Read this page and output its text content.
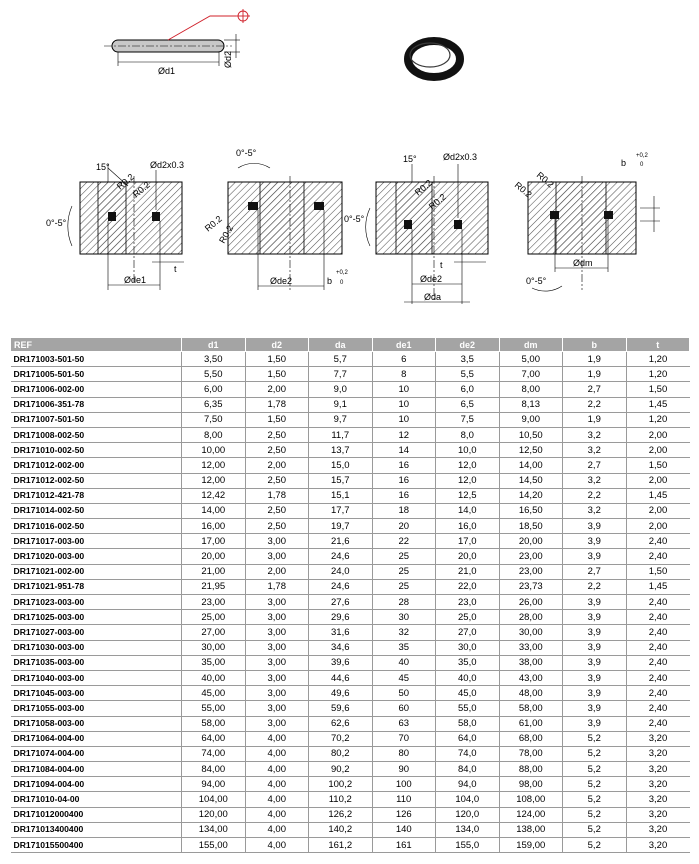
Ød1
Ød2
15°
R0.2
R0.2
Ød2x0.3
0°-5°
Øde1
t
0°-5°
R0.2
R0.2
Øde2	b
+0,2
0
15°
R0.2
R0.2
Ød2x0.3
0°-5°
t
Øde2
Øda
R0.2
R0.2
b
+0,2
0
Ødm
0°-5°
REF	d1	d2	da	de1	de2	dm	b	t
DR171003-501-50	3,50	1,50	5,7	6	3,5	5,00	1,9	1,20
DR171005-501-50	5,50	1,50	7,7	8	5,5	7,00	1,9	1,20
DR171006-002-00	6,00	2,00	9,0	10	6,0	8,00	2,7	1,50
DR171006-351-78	6,35	1,78	9,1	10	6,5	8,13	2,2	1,45
DR171007-501-50	7,50	1,50	9,7	10	7,5	9,00	1,9	1,20
DR171008-002-50	8,00	2,50	11,7	12	8,0	10,50	3,2	2,00
DR171010-002-50	10,00	2,50	13,7	14	10,0	12,50	3,2	2,00
DR171012-002-00	12,00	2,00	15,0	16	12,0	14,00	2,7	1,50
DR171012-002-50	12,00	2,50	15,7	16	12,0	14,50	3,2	2,00
DR171012-421-78	12,42	1,78	15,1	16	12,5	14,20	2,2	1,45
DR171014-002-50	14,00	2,50	17,7	18	14,0	16,50	3,2	2,00
DR171016-002-50	16,00	2,50	19,7	20	16,0	18,50	3,9	2,00
DR171017-003-00	17,00	3,00	21,6	22	17,0	20,00	3,9	2,40
DR171020-003-00	20,00	3,00	24,6	25	20,0	23,00	3,9	2,40
DR171021-002-00	21,00	2,00	24,0	25	21,0	23,00	2,7	1,50
DR171021-951-78	21,95	1,78	24,6	25	22,0	23,73	2,2	1,45
DR171023-003-00	23,00	3,00	27,6	28	23,0	26,00	3,9	2,40
DR171025-003-00	25,00	3,00	29,6	30	25,0	28,00	3,9	2,40
DR171027-003-00	27,00	3,00	31,6	32	27,0	30,00	3,9	2,40
DR171030-003-00	30,00	3,00	34,6	35	30,0	33,00	3,9	2,40
DR171035-003-00	35,00	3,00	39,6	40	35,0	38,00	3,9	2,40
DR171040-003-00	40,00	3,00	44,6	45	40,0	43,00	3,9	2,40
DR171045-003-00	45,00	3,00	49,6	50	45,0	48,00	3,9	2,40
DR171055-003-00	55,00	3,00	59,6	60	55,0	58,00	3,9	2,40
DR171058-003-00	58,00	3,00	62,6	63	58,0	61,00	3,9	2,40
DR171064-004-00	64,00	4,00	70,2	70	64,0	68,00	5,2	3,20
DR171074-004-00	74,00	4,00	80,2	80	74,0	78,00	5,2	3,20
DR171084-004-00	84,00	4,00	90,2	90	84,0	88,00	5,2	3,20
DR171094-004-00	94,00	4,00	100,2	100	94,0	98,00	5,2	3,20
DR171010-04-00	104,00	4,00	110,2	110	104,0	108,00	5,2	3,20
DR171012000400	120,00	4,00	126,2	126	120,0	124,00	5,2	3,20
DR171013400400	134,00	4,00	140,2	140	134,0	138,00	5,2	3,20
DR171015500400	155,00	4,00	161,2	161	155,0	159,00	5,2	3,20
